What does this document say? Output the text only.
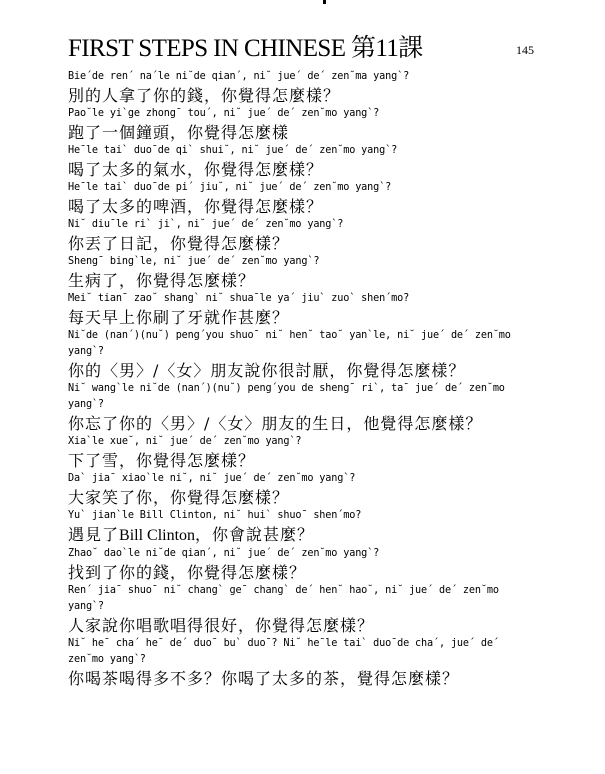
FIRST STEPS IN CHINESE 第11課	145
Bie´de ren´ na´le ni˘de qian´, ni˘ jue´ de´ zen˘ma yang`?
別的人拿了你的錢，你覺得怎麼樣？
Pao˘le yi`ge zhong¯ tou´, ni˘ jue´ de´ zen˘mo yang`?
跑了一個鐘頭，你覺得怎麼樣
He¯le tai` duo¯de qi` shui˘, ni˘ jue´ de´ zen˘mo yang`?
喝了太多的氣水，你覺得怎麼樣？
He¯le tai` duo¯de pi´ jiu˘, ni˘ jue´ de´ zen˘mo yang`?
喝了太多的啤酒，你覺得怎麼樣？
Ni˘ diu¯le ri` ji`, ni˘ jue´ de´ zen˘mo yang`?
你丟了日記，你覺得怎麼樣？
Sheng¯ bing`le, ni˘ jue´ de´ zen˘mo yang`?
生病了，你覺得怎麼樣？
Mei˘ tian¯ zao˘ shang` ni˘ shua¯le ya´ jiu` zuo` shen´mo?
每天早上你刷了牙就作甚麼？
Ni˘de (nan´)(nu˘) peng´you shuo¯ ni˘ hen˘ tao˘ yan`le, ni˘ jue´ de´ zen˘mo yang`?
你的〈男〉/〈女〉朋友說你很討厭，你覺得怎麼樣？
Ni˘ wang`le ni˘de (nan´)(nu˘) peng´you de sheng¯ ri`, ta¯ jue´ de´ zen˘mo yang`?
你忘了你的〈男〉/〈女〉朋友的生日，他覺得怎麼樣？
Xia`le xue˘, ni˘ jue´ de´ zen˘mo yang`?
下了雪，你覺得怎麼樣？
Da` jia¯ xiao`le ni˘, ni˘ jue´ de´ zen˘mo yang`?
大家笑了你，你覺得怎麼樣？
Yu` jian`le Bill Clinton, ni˘ hui` shuo¯ shen´mo?
遇見了Bill Clinton，你會說甚麼？
Zhao˘ dao`le ni˘de qian´, ni˘ jue´ de´ zen˘mo yang`?
找到了你的錢，你覺得怎麼樣？
Ren´ jia¯ shuo¯ ni˘ chang` ge¯ chang` de´ hen˘ hao˘, ni˘ jue´ de´ zen˘mo yang`?
人家說你唱歌唱得很好，你覺得怎麼樣？
Ni˘ he¯ cha´ he¯ de´ duo¯ bu` duo¯? Ni˘ he¯le tai` duo¯de cha´, jue´ de´ zen˘mo yang`?
你喝茶喝得多不多？你喝了太多的茶，覺得怎麼樣？
